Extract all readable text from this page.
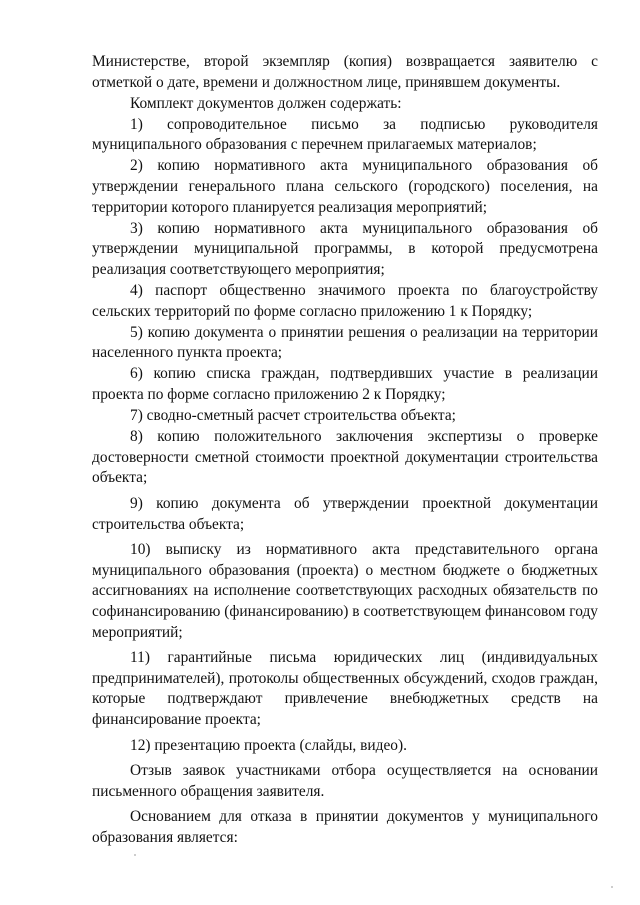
Министерстве, второй экземпляр (копия) возвращается заявителю с отметкой о дате, времени и должностном лице, принявшем документы.

Комплект документов должен содержать:

1) сопроводительное письмо за подписью руководителя муниципального образования с перечнем прилагаемых материалов;

2) копию нормативного акта муниципального образования об утверждении генерального плана сельского (городского) поселения, на территории которого планируется реализация мероприятий;

3) копию нормативного акта муниципального образования об утверждении муниципальной программы, в которой предусмотрена реализация соответствующего мероприятия;

4) паспорт общественно значимого проекта по благоустройству сельских территорий по форме согласно приложению 1 к Порядку;

5) копию документа о принятии решения о реализации на территории населенного пункта проекта;

6) копию списка граждан, подтвердивших участие в реализации проекта по форме согласно приложению 2 к Порядку;

7) сводно-сметный расчет строительства объекта;

8) копию положительного заключения экспертизы о проверке достоверности сметной стоимости проектной документации строительства объекта;

9) копию документа об утверждении проектной документации строительства объекта;

10) выписку из нормативного акта представительного органа муниципального образования (проекта) о местном бюджете о бюджетных ассигнованиях на исполнение соответствующих расходных обязательств по софинансированию (финансированию) в соответствующем финансовом году мероприятий;

11) гарантийные письма юридических лиц (индивидуальных предпринимателей), протоколы общественных обсуждений, сходов граждан, которые подтверждают привлечение внебюджетных средств на финансирование проекта;

12) презентацию проекта (слайды, видео).

Отзыв заявок участниками отбора осуществляется на основании письменного обращения заявителя.

Основанием для отказа в принятии документов у муниципального образования является:
